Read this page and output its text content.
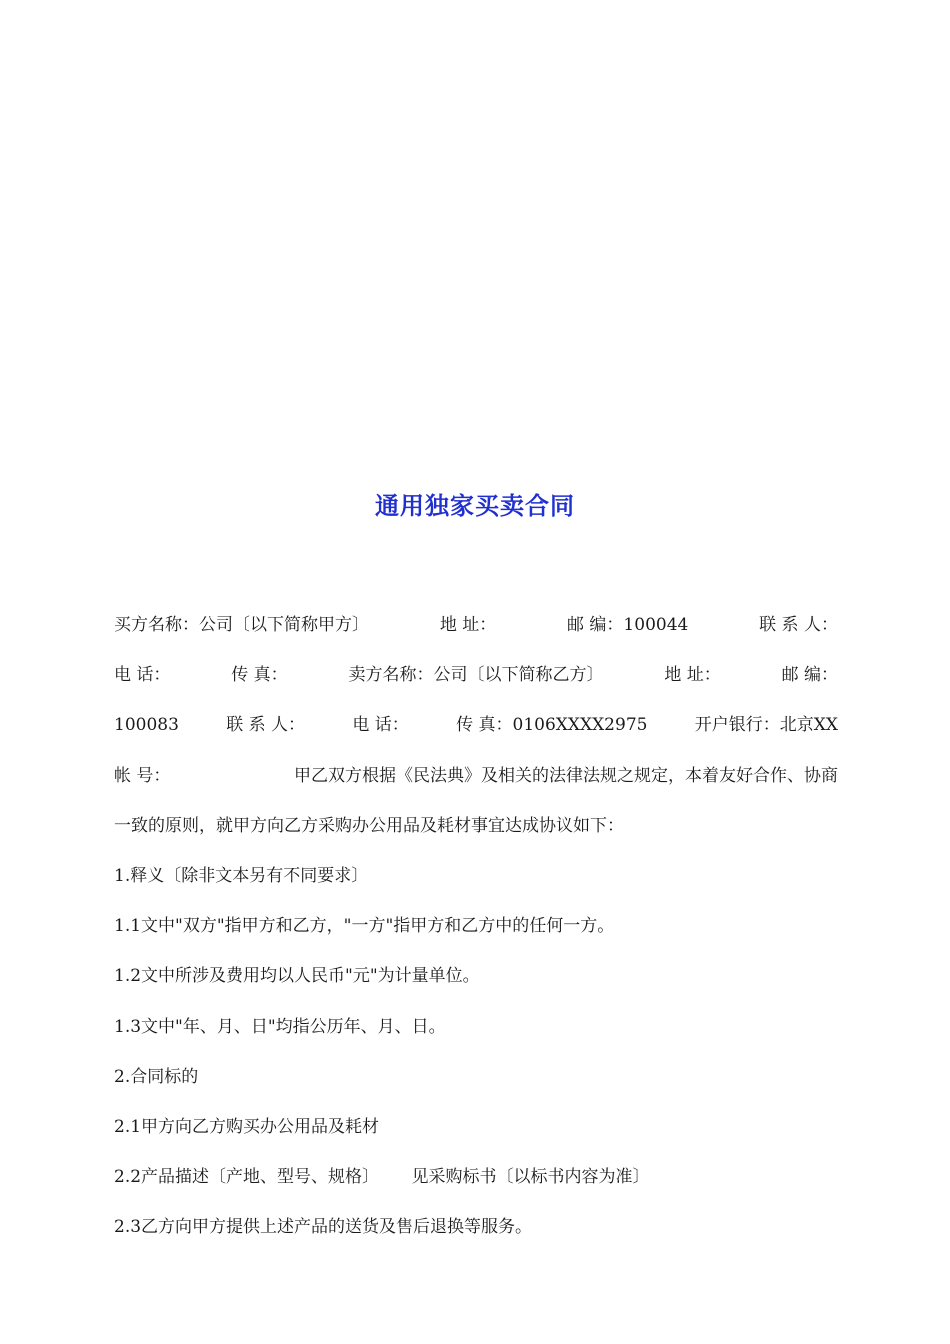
通用独家买卖合同
买方名称：公司〔以下简称甲方〕	地 址：	邮 编：100044	联 系 人：
电 话：	传 真：	卖方名称：公司〔以下简称乙方〕	地 址：	邮 编：
100083	联 系 人：	电 话：	传 真：0106XXXX2975	开户银行：北京XX
帐 号：	甲乙双方根据《民法典》及相关的法律法规之规定，本着友好合作、协商
一致的原则，就甲方向乙方采购办公用品及耗材事宜达成协议如下：
1.释义〔除非文本另有不同要求〕
1.1文中"双方"指甲方和乙方，"一方"指甲方和乙方中的任何一方。
1.2文中所涉及费用均以人民币"元"为计量单位。
1.3文中"年、月、日"均指公历年、月、日。
2.合同标的
2.1甲方向乙方购买办公用品及耗材
2.2产品描述〔产地、型号、规格〕      见采购标书〔以标书内容为准〕
2.3乙方向甲方提供上述产品的送货及售后退换等服务。
